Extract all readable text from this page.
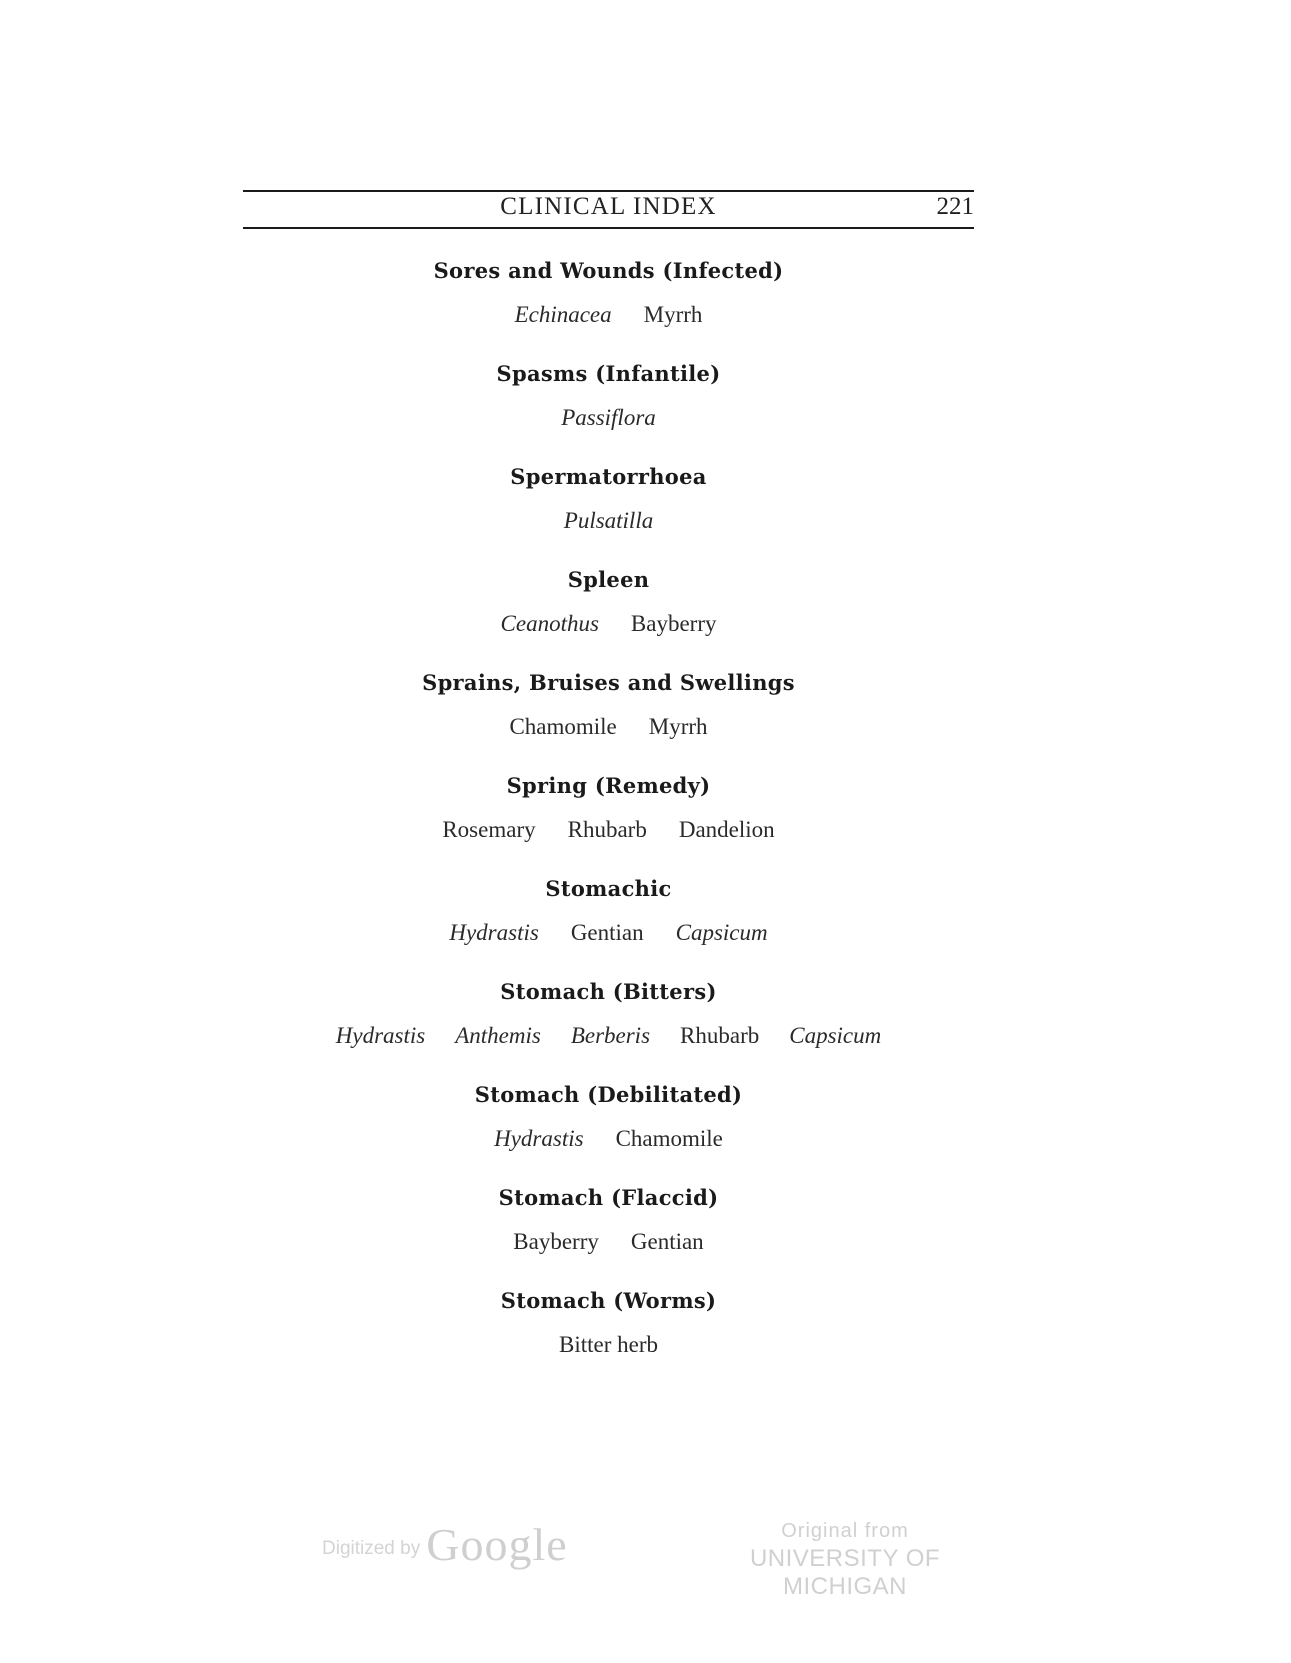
CLINICAL INDEX	221
Sores and Wounds (Infected)
Echinacea Myrrh
Spasms (Infantile)
Passiflora
Spermatorrhoea
Pulsatilla
Spleen
Ceanothus Bayberry
Sprains, Bruises and Swellings
Chamomile Myrrh
Spring (Remedy)
Rosemary Rhubarb Dandelion
Stomachic
Hydrastis Gentian Capsicum
Stomach (Bitters)
Hydrastis Anthemis Berberis Rhubarb Capsicum
Stomach (Debilitated)
Hydrastis Chamomile
Stomach (Flaccid)
Bayberry Gentian
Stomach (Worms)
Bitter herb
Digitized by Google	Original from
UNIVERSITY OF MICHIGAN
